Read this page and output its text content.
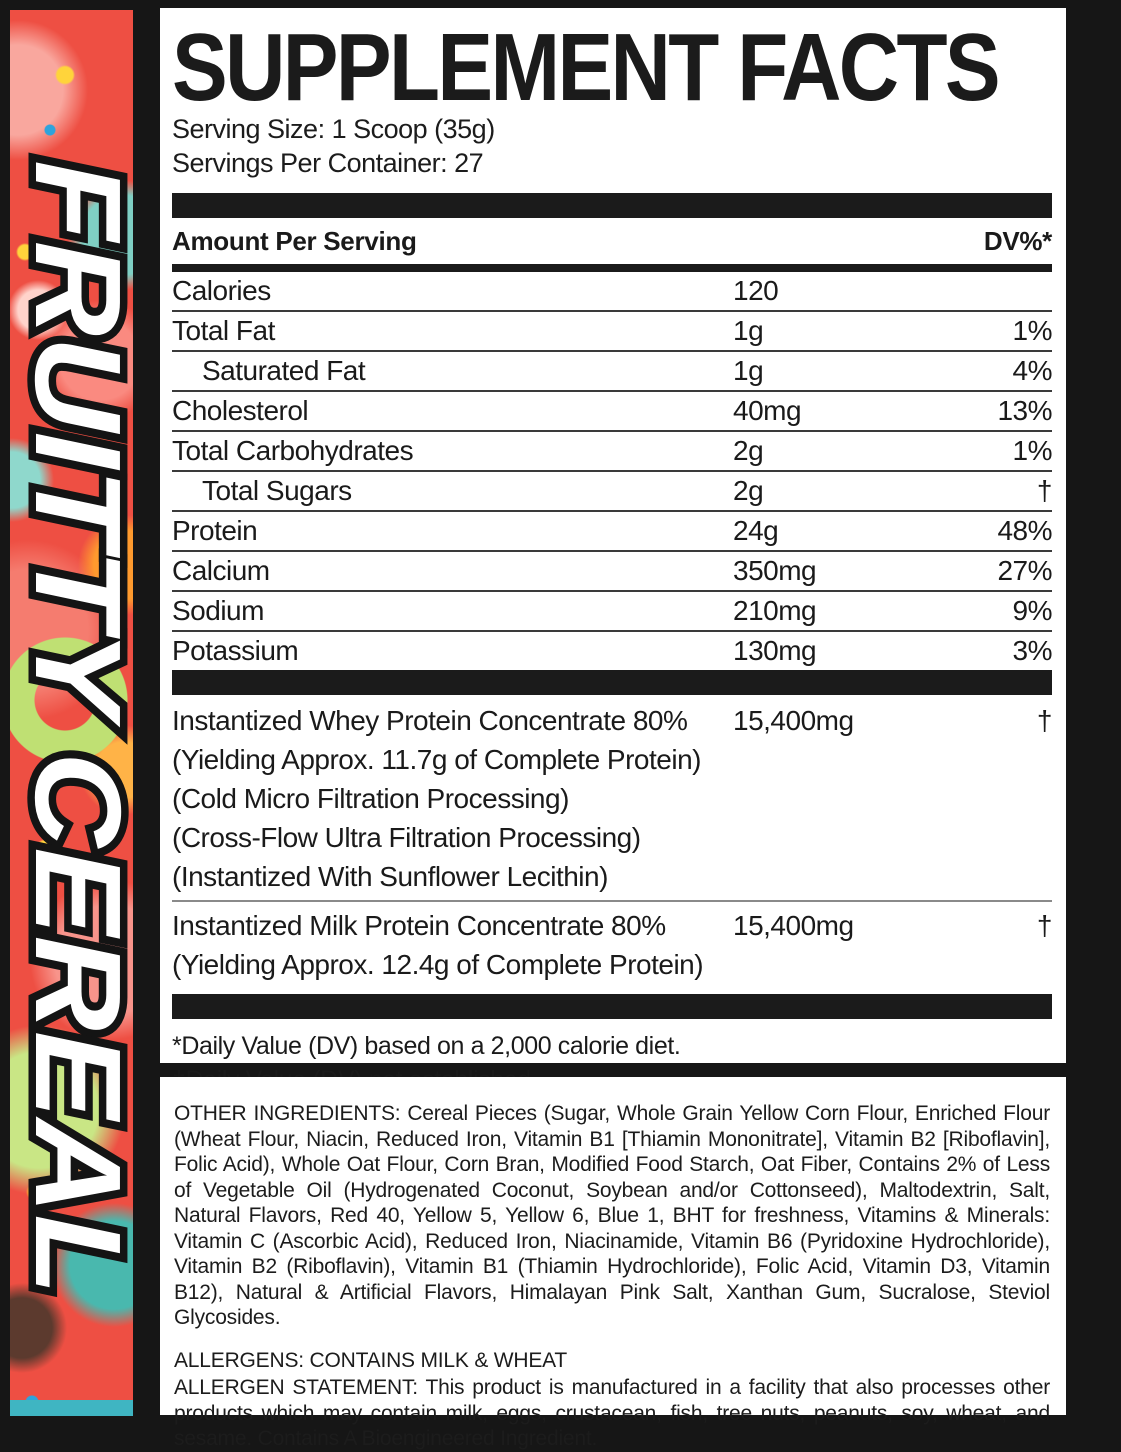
FRUITTY CEREAL
SUPPLEMENT FACTS
Serving Size: 1 Scoop (35g)
Servings Per Container: 27
Amount Per Serving	DV%*
Calories	120
Total Fat	1g	1%
Saturated Fat	1g	4%
Cholesterol	40mg	13%
Total Carbohydrates	2g	1%
Total Sugars	2g	†
Protein	24g	48%
Calcium	350mg	27%
Sodium	210mg	9%
Potassium	130mg	3%
Instantized Whey Protein Concentrate 80%	15,400mg	†
(Yielding Approx. 11.7g of Complete Protein)
(Cold Micro Filtration Processing)
(Cross-Flow Ultra Filtration Processing)
(Instantized With Sunflower Lecithin)
Instantized Milk Protein Concentrate 80%	15,400mg	†
(Yielding Approx. 12.4g of Complete Protein)
*Daily Value (DV) based on a 2,000 calorie diet.

OTHER INGREDIENTS: Cereal Pieces (Sugar, Whole Grain Yellow Corn Flour, Enriched Flour (Wheat Flour, Niacin, Reduced Iron, Vitamin B1 [Thiamin Mononitrate], Vitamin B2 [Riboflavin], Folic Acid), Whole Oat Flour, Corn Bran, Modified Food Starch, Oat Fiber, Contains 2% of Less of Vegetable Oil (Hydrogenated Coconut, Soybean and/or Cottonseed), Maltodextrin, Salt, Natural Flavors, Red 40, Yellow 5, Yellow 6, Blue 1, BHT for freshness, Vitamins & Minerals: Vitamin C (Ascorbic Acid), Reduced Iron, Niacinamide, Vitamin B6 (Pyridoxine Hydrochloride), Vitamin B2 (Riboflavin), Vitamin B1 (Thiamin Hydrochloride), Folic Acid, Vitamin D3, Vitamin B12), Natural & Artificial Flavors, Himalayan Pink Salt, Xanthan Gum, Sucralose, Steviol Glycosides.

ALLERGENS: CONTAINS MILK & WHEAT

ALLERGEN STATEMENT: This product is manufactured in a facility that also processes other products which may contain milk, eggs, crustacean, fish, tree nuts, peanuts, soy, wheat, and sesame. Contains A Bioengineered Ingredient.
